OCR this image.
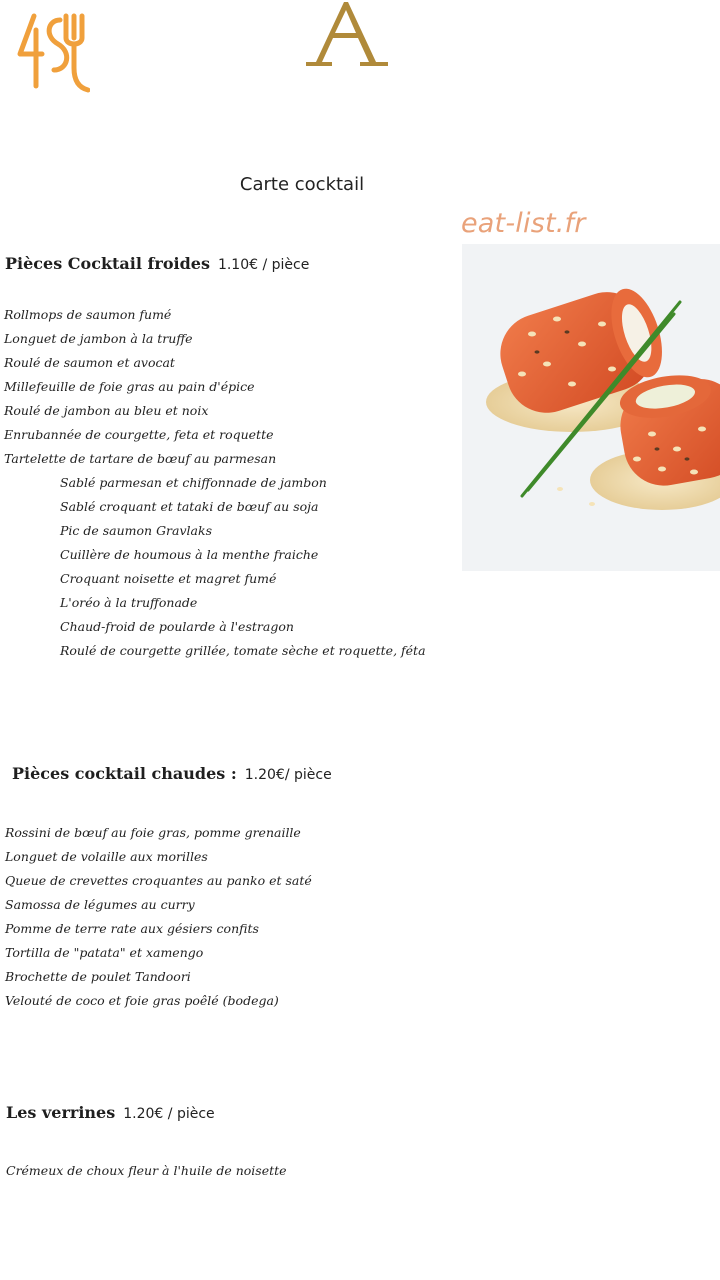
Carte cocktail
eat-list.fr
Pièces Cocktail froides 1.10€ / pièce
Rollmops de saumon fumé
Longuet de jambon à la truffe
Roulé de saumon et avocat
Millefeuille de foie gras au pain d'épice
Roulé de jambon au bleu et noix
Enrubannée de courgette, feta et roquette
Tartelette de tartare de bœuf au parmesan
Sablé parmesan et chiffonnade de jambon
Sablé croquant et tataki de bœuf au soja
Pic de saumon Gravlaks
Cuillère de houmous à la menthe fraiche
Croquant noisette et magret fumé
L'oréo à la truffonade
Chaud-froid de poularde à l'estragon
Roulé de courgette grillée, tomate sèche et roquette, féta
Pièces cocktail chaudes : 1.20€/ pièce
Rossini de bœuf au foie gras, pomme grenaille
Longuet de volaille aux morilles
Queue de crevettes croquantes au panko et saté
Samossa de légumes au curry
Pomme de terre rate aux gésiers confits
Tortilla de "patata" et xamengo
Brochette de poulet Tandoori
Velouté de coco et foie gras poêlé (bodega)
Les verrines 1.20€ / pièce
Crémeux de choux fleur à l'huile de noisette
